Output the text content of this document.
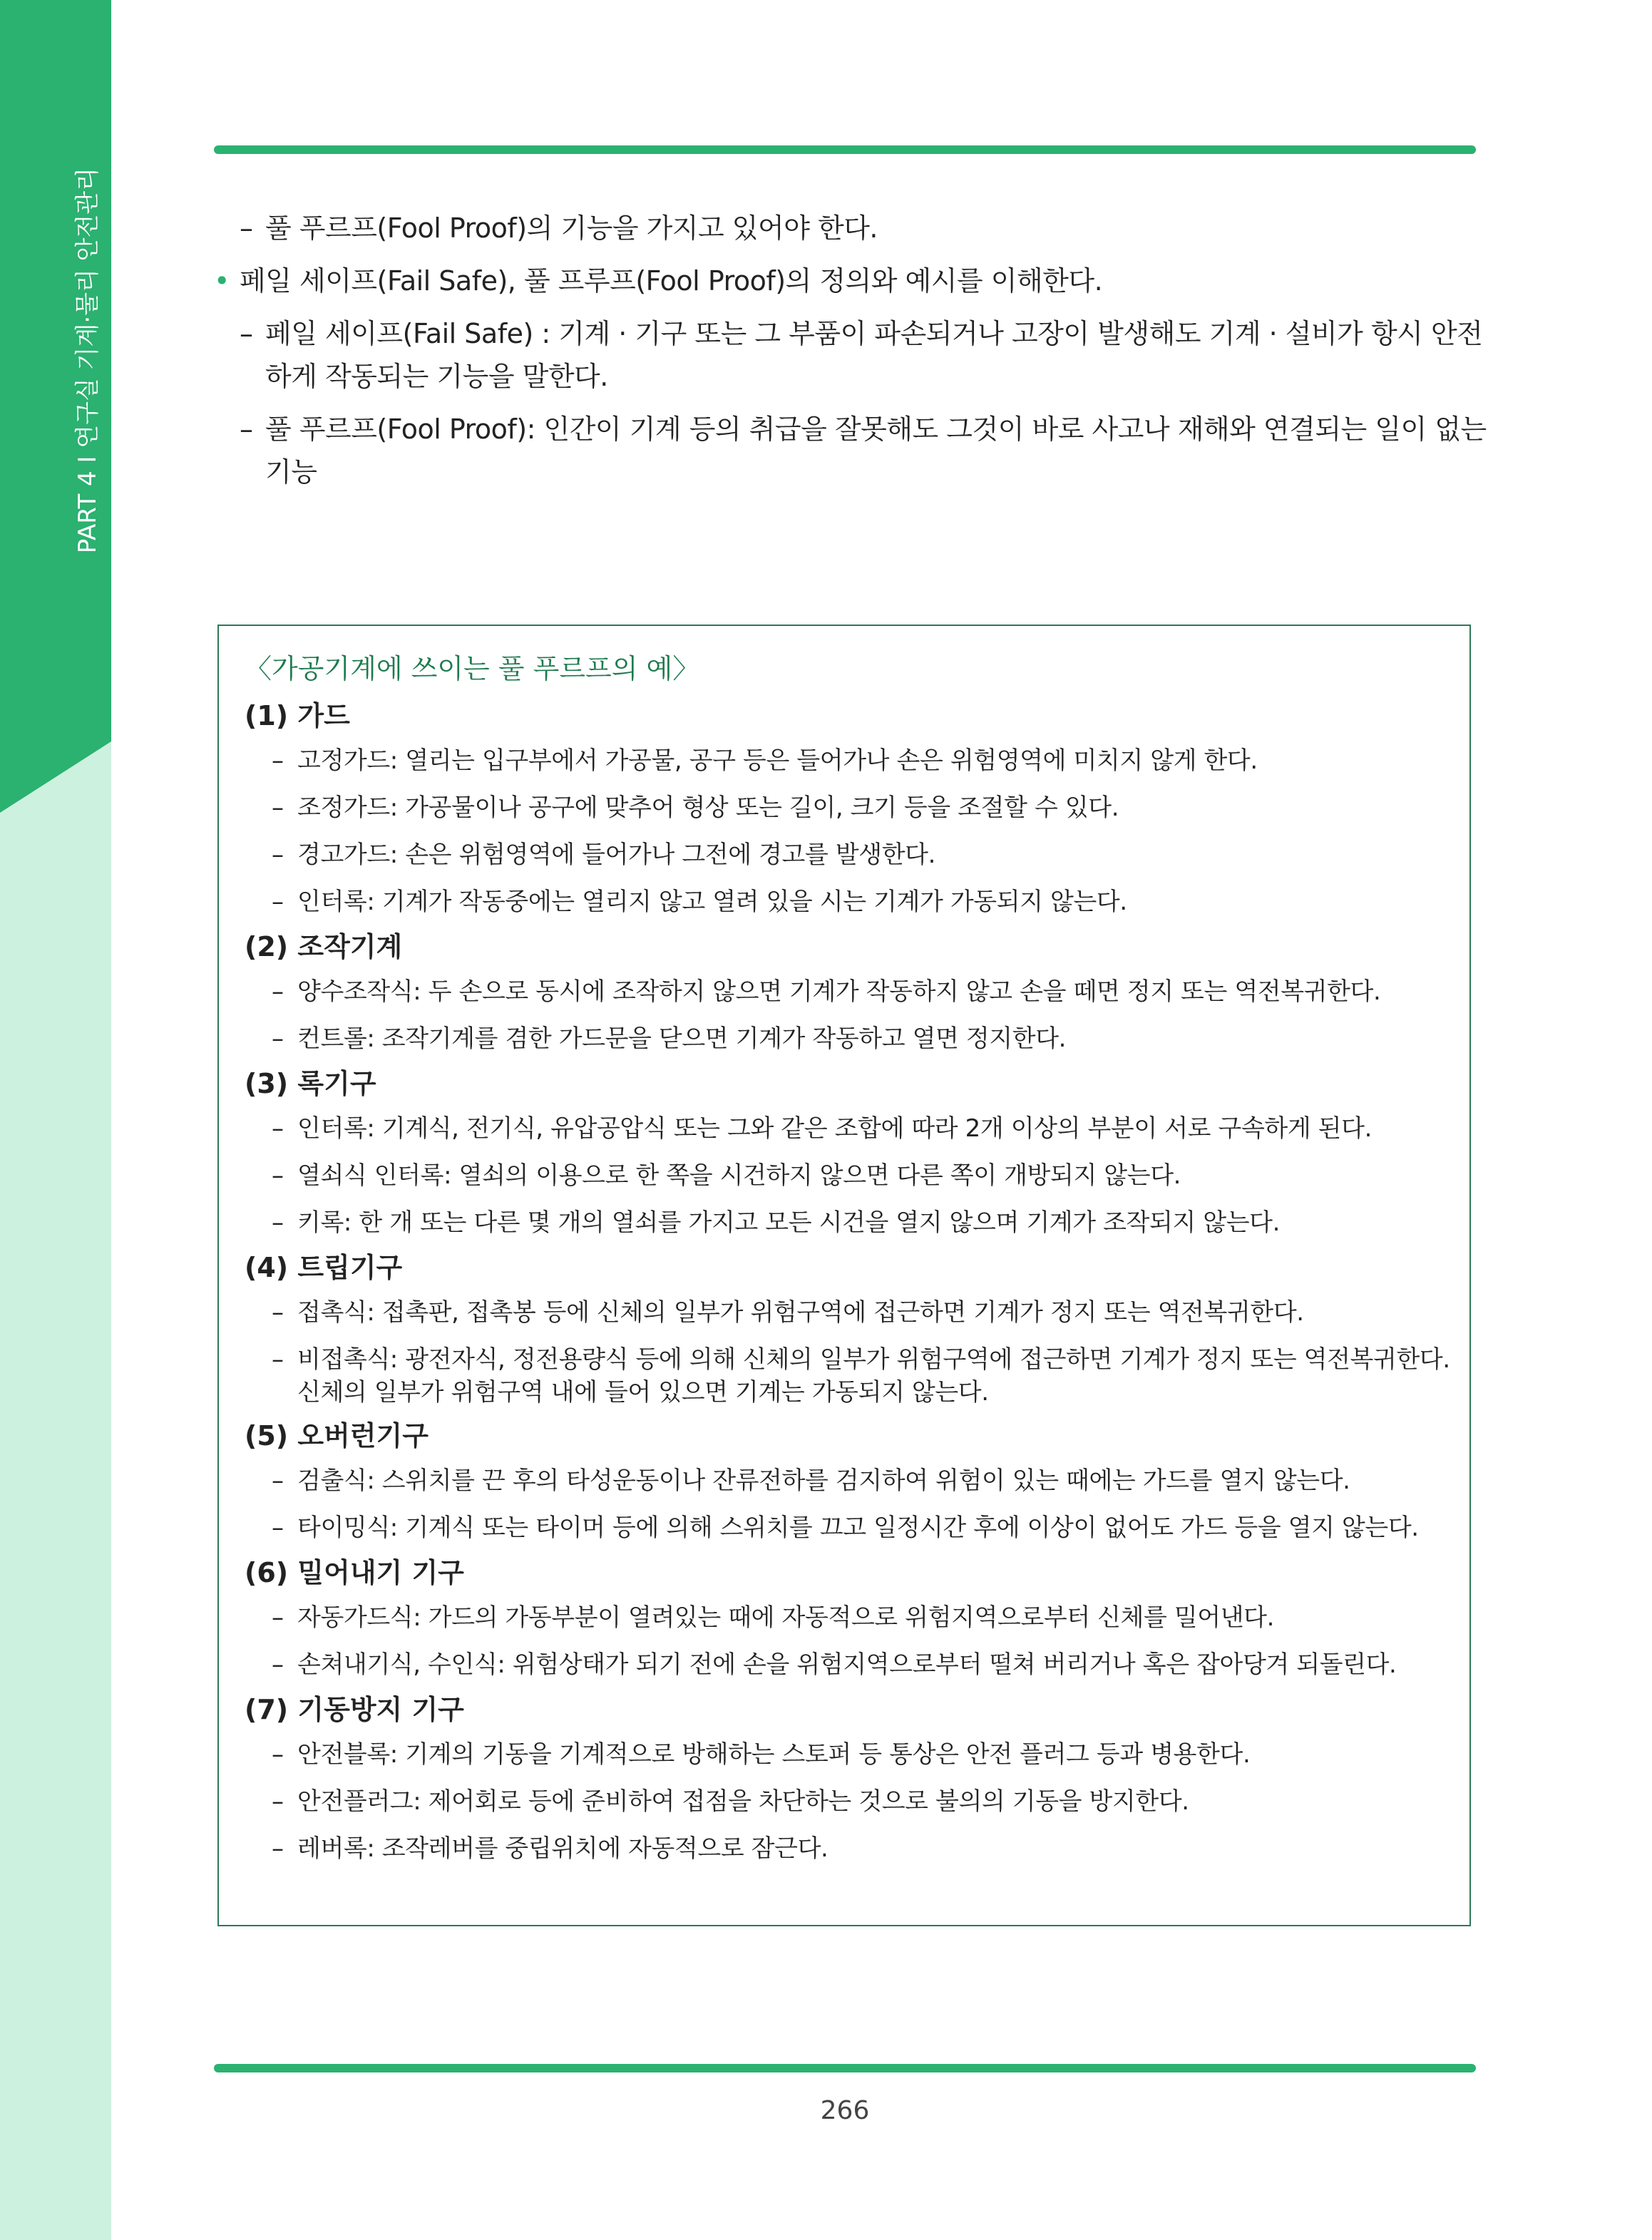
PART 4 Ι 연구실 기계·물리 안전관리	– 풀 푸르프(Fool Proof)의 기능을 가지고 있어야 한다.
• 페일 세이프(Fail Safe), 풀 프루프(Fool Proof)의 정의와 예시를 이해한다.
– 페일 세이프(Fail Safe) : 기계 · 기구 또는 그 부품이 파손되거나 고장이 발생해도 기계 · 설비가 항시 안전하게 작동되는 기능을 말한다.
– 풀 푸르프(Fool Proof): 인간이 기계 등의 취급을 잘못해도 그것이 바로 사고나 재해와 연결되는 일이 없는 기능
〈가공기계에 쓰이는 풀 푸르프의 예〉
(1) 가드
– 고정가드: 열리는 입구부에서 가공물, 공구 등은 들어가나 손은 위험영역에 미치지 않게 한다.
– 조정가드: 가공물이나 공구에 맞추어 형상 또는 길이, 크기 등을 조절할 수 있다.
– 경고가드: 손은 위험영역에 들어가나 그전에 경고를 발생한다.
– 인터록: 기계가 작동중에는 열리지 않고 열려 있을 시는 기계가 가동되지 않는다.
(2) 조작기계
– 양수조작식: 두 손으로 동시에 조작하지 않으면 기계가 작동하지 않고 손을 떼면 정지 또는 역전복귀한다.
– 컨트롤: 조작기계를 겸한 가드문을 닫으면 기계가 작동하고 열면 정지한다.
(3) 록기구
– 인터록: 기계식, 전기식, 유압공압식 또는 그와 같은 조합에 따라 2개 이상의 부분이 서로 구속하게 된다.
– 열쇠식 인터록: 열쇠의 이용으로 한 쪽을 시건하지 않으면 다른 쪽이 개방되지 않는다.
– 키록: 한 개 또는 다른 몇 개의 열쇠를 가지고 모든 시건을 열지 않으며 기계가 조작되지 않는다.
(4) 트립기구
– 접촉식: 접촉판, 접촉봉 등에 신체의 일부가 위험구역에 접근하면 기계가 정지 또는 역전복귀한다.
– 비접촉식: 광전자식, 정전용량식 등에 의해 신체의 일부가 위험구역에 접근하면 기계가 정지 또는 역전복귀한다.
신체의 일부가 위험구역 내에 들어 있으면 기계는 가동되지 않는다.
(5) 오버런기구
– 검출식: 스위치를 끈 후의 타성운동이나 잔류전하를 검지하여 위험이 있는 때에는 가드를 열지 않는다.
– 타이밍식: 기계식 또는 타이머 등에 의해 스위치를 끄고 일정시간 후에 이상이 없어도 가드 등을 열지 않는다.
(6) 밀어내기 기구
– 자동가드식: 가드의 가동부분이 열려있는 때에 자동적으로 위험지역으로부터 신체를 밀어낸다.
– 손쳐내기식, 수인식: 위험상태가 되기 전에 손을 위험지역으로부터 떨쳐 버리거나 혹은 잡아당겨 되돌린다.
(7) 기동방지 기구
– 안전블록: 기계의 기동을 기계적으로 방해하는 스토퍼 등 통상은 안전 플러그 등과 병용한다.
– 안전플러그: 제어회로 등에 준비하여 접점을 차단하는 것으로 불의의 기동을 방지한다.
– 레버록: 조작레버를 중립위치에 자동적으로 잠근다.
266
